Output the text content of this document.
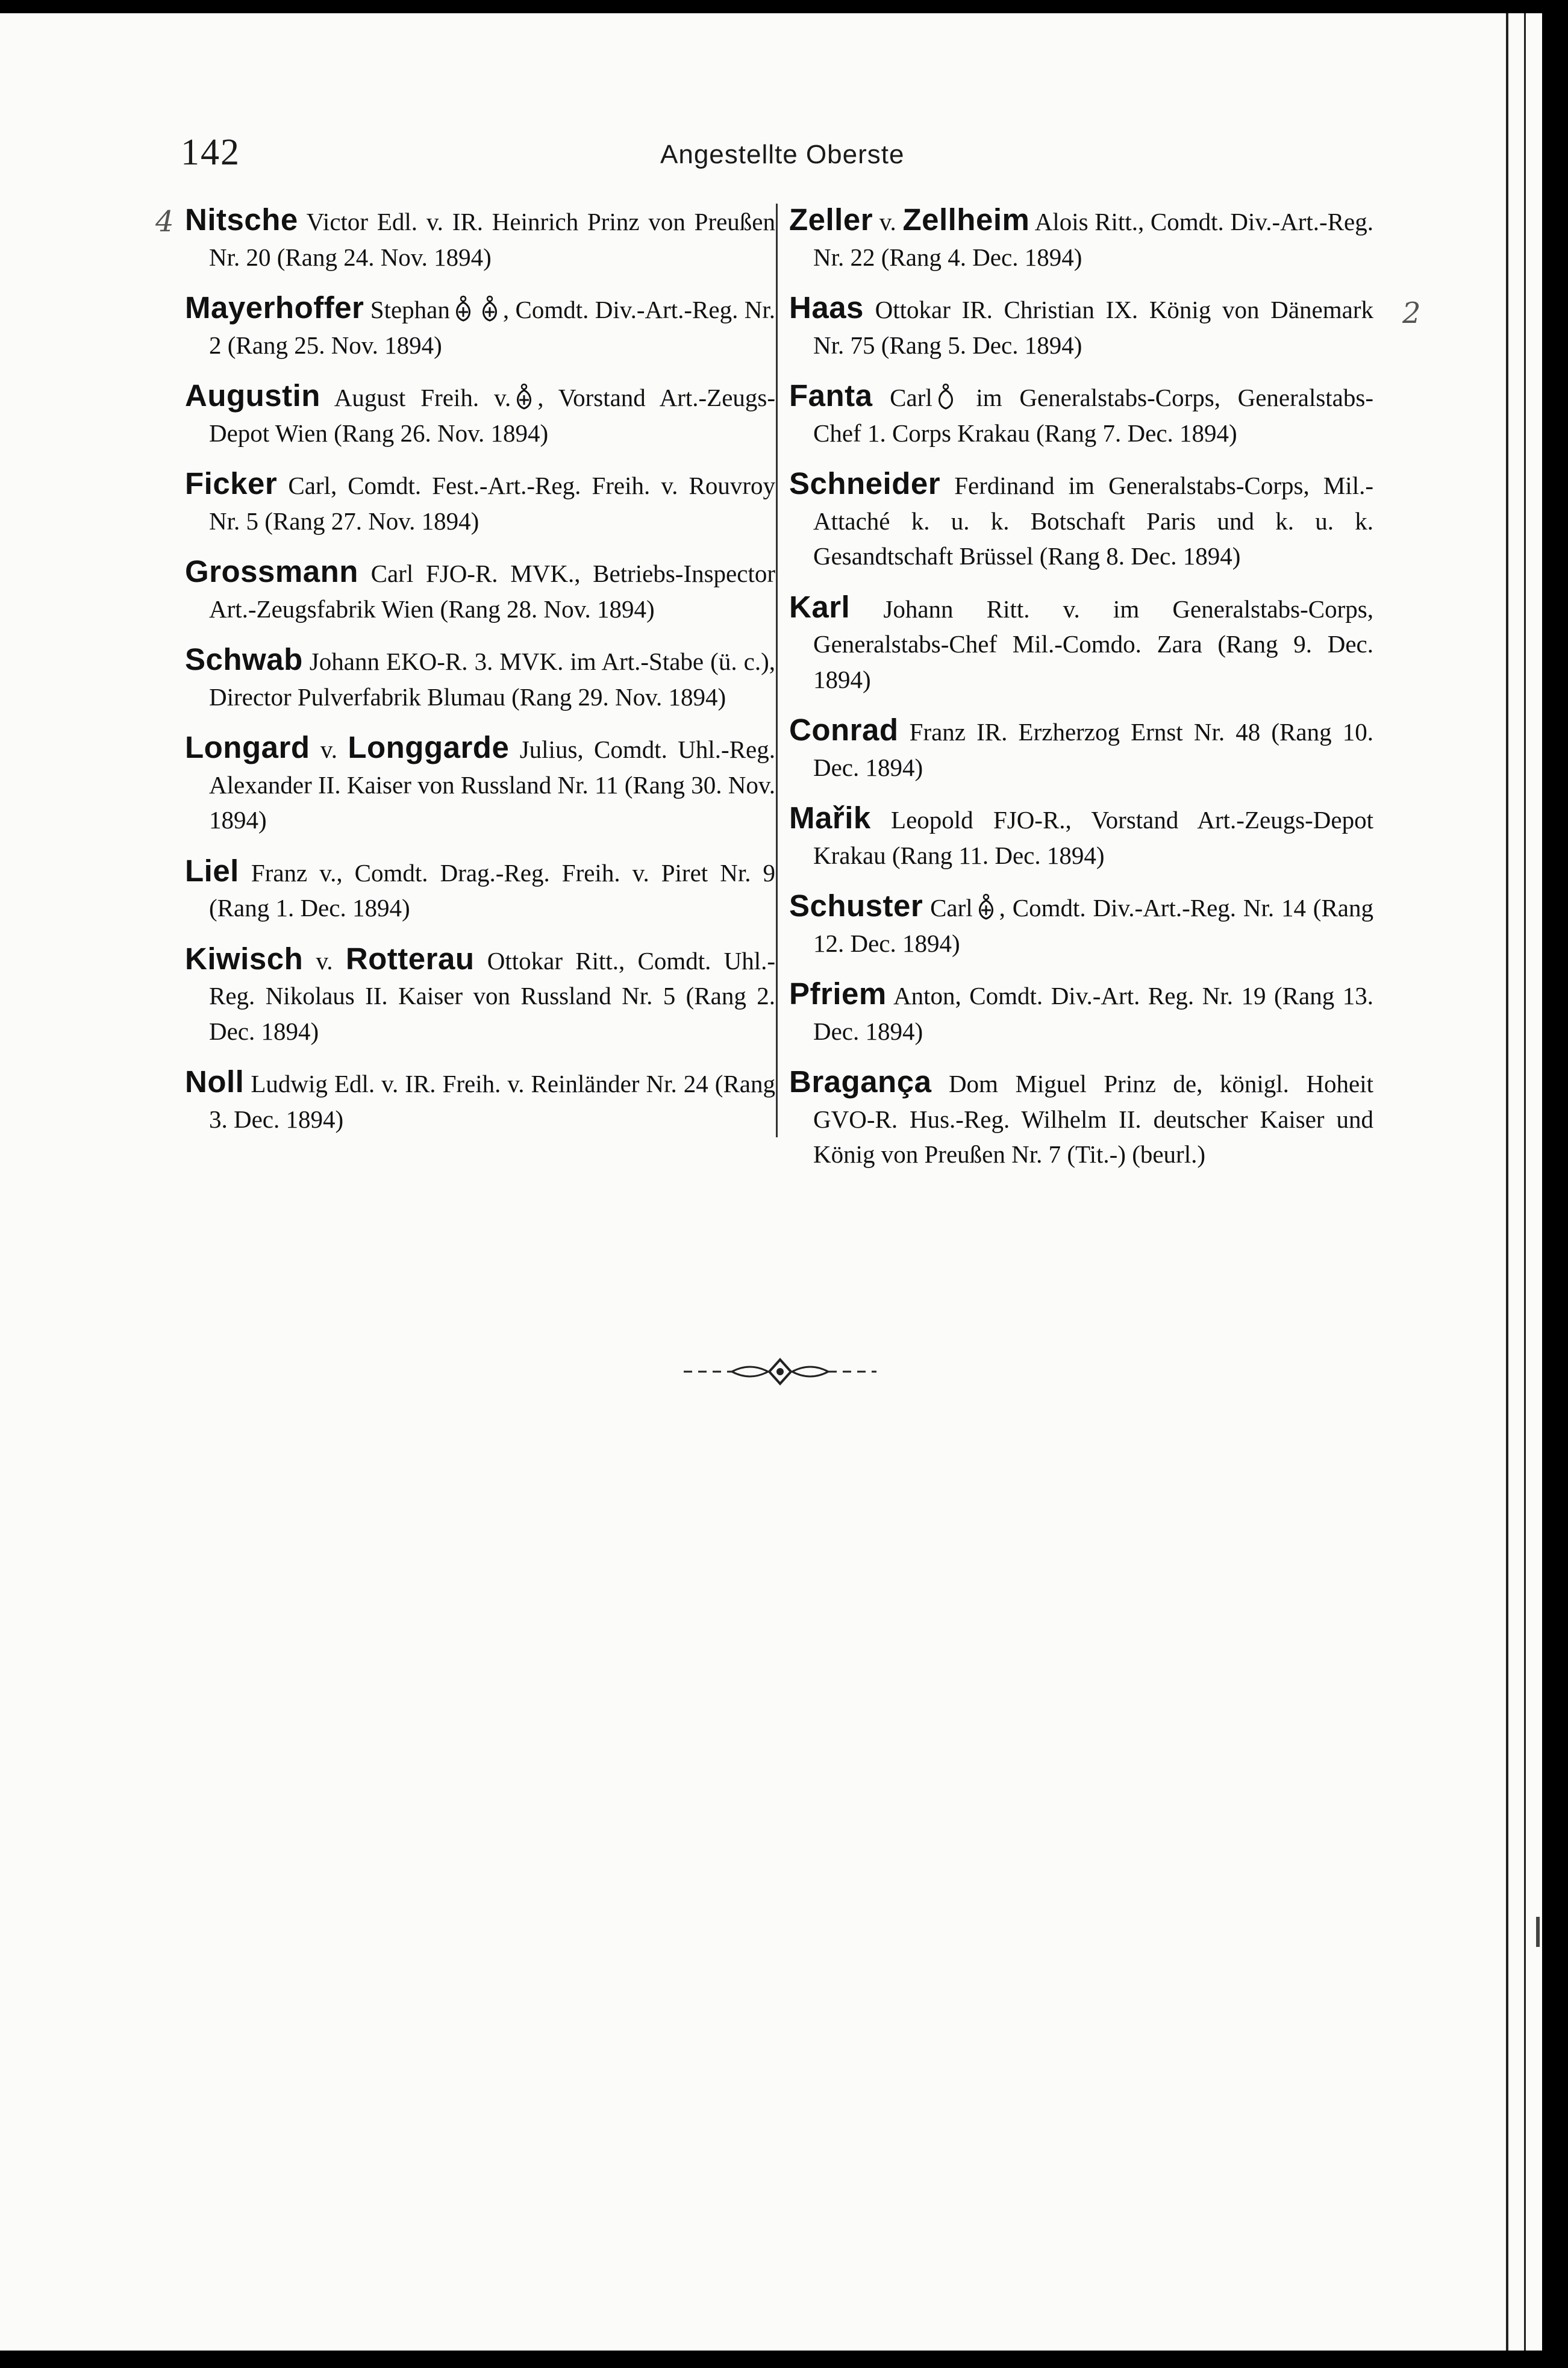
142	Angestellte Oberste
4
2

Nitsche Victor Edl. v. IR. Heinrich Prinz von Preußen Nr. 20 (Rang 24. Nov. 1894)

Mayerhoffer Stephan , Comdt. Div.-Art.-Reg. Nr. 2 (Rang 25. Nov. 1894)

Augustin August Freih. v. , Vorstand Art.-Zeugs-Depot Wien (Rang 26. Nov. 1894)

Ficker Carl, Comdt. Fest.-Art.-Reg. Freih. v. Rouvroy Nr. 5 (Rang 27. Nov. 1894)

Grossmann Carl FJO-R. MVK., Betriebs-Inspector Art.-Zeugsfabrik Wien (Rang 28. Nov. 1894)

Schwab Johann EKO-R. 3. MVK. im Art.-Stabe (ü. c.), Director Pulverfabrik Blumau (Rang 29. Nov. 1894)

Longard v. Longgarde Julius, Comdt. Uhl.-Reg. Alexander II. Kaiser von Russland Nr. 11 (Rang 30. Nov. 1894)

Liel Franz v., Comdt. Drag.-Reg. Freih. v. Piret Nr. 9 (Rang 1. Dec. 1894)

Kiwisch v. Rotterau Ottokar Ritt., Comdt. Uhl.-Reg. Nikolaus II. Kaiser von Russland Nr. 5 (Rang 2. Dec. 1894)

Noll Ludwig Edl. v. IR. Freih. v. Reinländer Nr. 24 (Rang 3. Dec. 1894)

Zeller v. Zellheim Alois Ritt., Comdt. Div.-Art.-Reg. Nr. 22 (Rang 4. Dec. 1894)

Haas Ottokar IR. Christian IX. König von Dänemark Nr. 75 (Rang 5. Dec. 1894)

Fanta Carl im Generalstabs-Corps, Generalstabs-Chef 1. Corps Krakau (Rang 7. Dec. 1894)

Schneider Ferdinand im Generalstabs-Corps, Mil.-Attaché k. u. k. Botschaft Paris und k. u. k. Gesandtschaft Brüssel (Rang 8. Dec. 1894)

Karl Johann Ritt. v. im Generalstabs-Corps, Generalstabs-Chef Mil.-Comdo. Zara (Rang 9. Dec. 1894)

Conrad Franz IR. Erzherzog Ernst Nr. 48 (Rang 10. Dec. 1894)

Mařik Leopold FJO-R., Vorstand Art.-Zeugs-Depot Krakau (Rang 11. Dec. 1894)

Schuster Carl , Comdt. Div.-Art.-Reg. Nr. 14 (Rang 12. Dec. 1894)

Pfriem Anton, Comdt. Div.-Art. Reg. Nr. 19 (Rang 13. Dec. 1894)

Bragança Dom Miguel Prinz de, königl. Hoheit GVO-R. Hus.-Reg. Wilhelm II. deutscher Kaiser und König von Preußen Nr. 7 (Tit.-) (beurl.)
